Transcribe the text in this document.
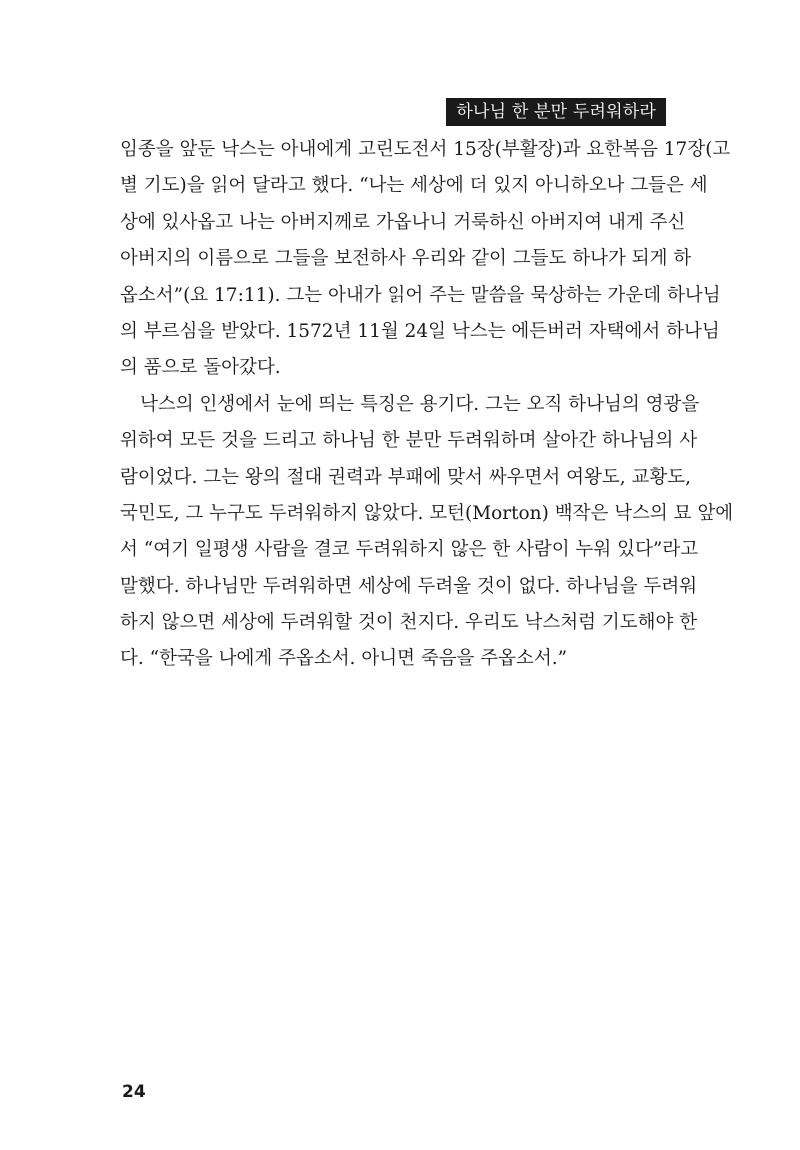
하나님 한 분만 두려워하라
임종을 앞둔 낙스는 아내에게 고린도전서 15장(부활장)과 요한복음 17장(고
별 기도)을 읽어 달라고 했다. “나는 세상에 더 있지 아니하오나 그들은 세
상에 있사옵고 나는 아버지께로 가옵나니 거룩하신 아버지여 내게 주신
아버지의 이름으로 그들을 보전하사 우리와 같이 그들도 하나가 되게 하
옵소서”(요 17:11). 그는 아내가 읽어 주는 말씀을 묵상하는 가운데 하나님
의 부르심을 받았다. 1572년 11월 24일 낙스는 에든버러 자택에서 하나님
의 품으로 돌아갔다.
낙스의 인생에서 눈에 띄는 특징은 용기다. 그는 오직 하나님의 영광을
위하여 모든 것을 드리고 하나님 한 분만 두려워하며 살아간 하나님의 사
람이었다. 그는 왕의 절대 권력과 부패에 맞서 싸우면서 여왕도, 교황도,
국민도, 그 누구도 두려워하지 않았다. 모턴(Morton) 백작은 낙스의 묘 앞에
서 “여기 일평생 사람을 결코 두려워하지 않은 한 사람이 누워 있다”라고
말했다. 하나님만 두려워하면 세상에 두려울 것이 없다. 하나님을 두려워
하지 않으면 세상에 두려워할 것이 천지다. 우리도 낙스처럼 기도해야 한
다. “한국을 나에게 주옵소서. 아니면 죽음을 주옵소서.”
24
